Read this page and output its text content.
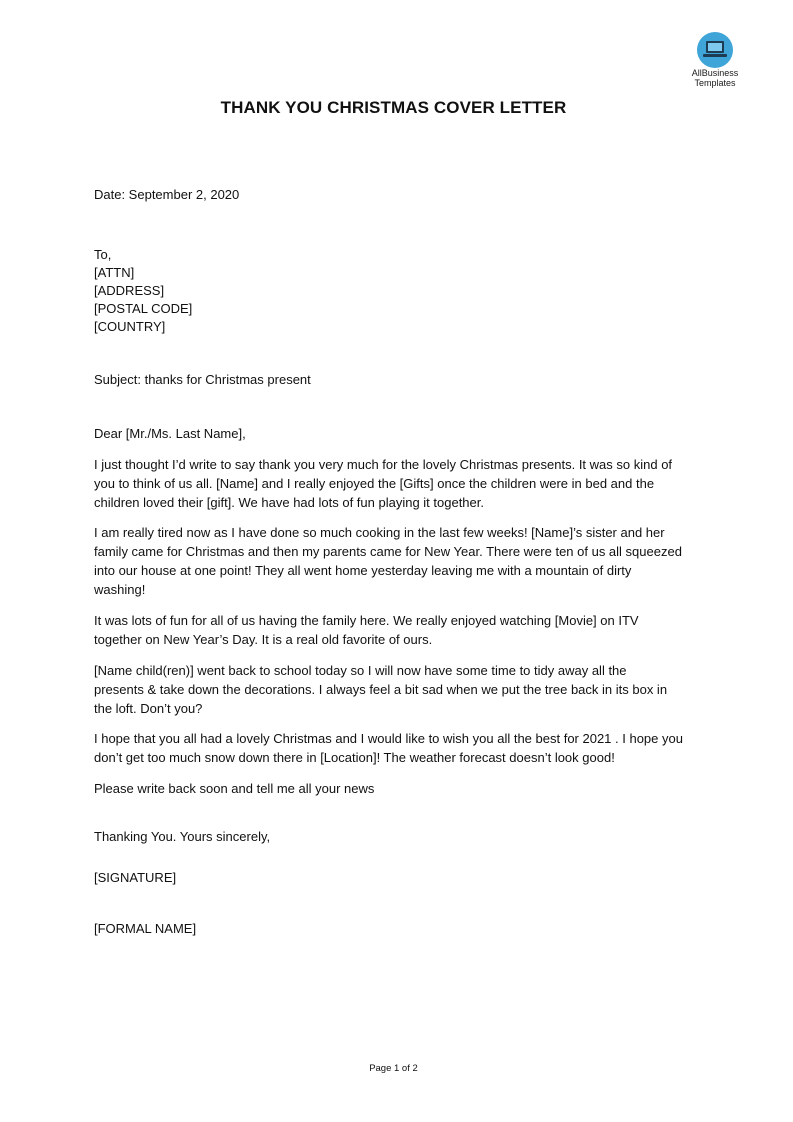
AllBusiness
Templates
THANK YOU CHRISTMAS COVER LETTER
Date: September 2, 2020
To,
[ATTN]
[ADDRESS]
[POSTAL CODE]
[COUNTRY]
Subject: thanks for Christmas present
Dear [Mr./Ms. Last Name],
I just thought I’d write to say thank you very much for the lovely Christmas presents. It was so kind of
you to think of us all. [Name] and I really enjoyed the [Gifts] once the children were in bed and the
children loved their [gift]. We have had lots of fun playing it together.
I am really tired now as I have done so much cooking in the last few weeks! [Name]’s sister and her
family came for Christmas and then my parents came for New Year. There were ten of us all squeezed
into our house at one point! They all went home yesterday leaving me with a mountain of dirty
washing!
It was lots of fun for all of us having the family here. We really enjoyed watching [Movie] on ITV
together on New Year’s Day. It is a real old favorite of ours.
[Name child(ren)] went back to school today so I will now have some time to tidy away all the
presents & take down the decorations. I always feel a bit sad when we put the tree back in its box in
the loft. Don’t you?
I hope that you all had a lovely Christmas and I would like to wish you all the best for 2021 . I hope you
don’t get too much snow down there in [Location]! The weather forecast doesn’t look good!
Please write back soon and tell me all your news
Thanking You. Yours sincerely,
[SIGNATURE]
[FORMAL NAME]
Page 1 of 2
